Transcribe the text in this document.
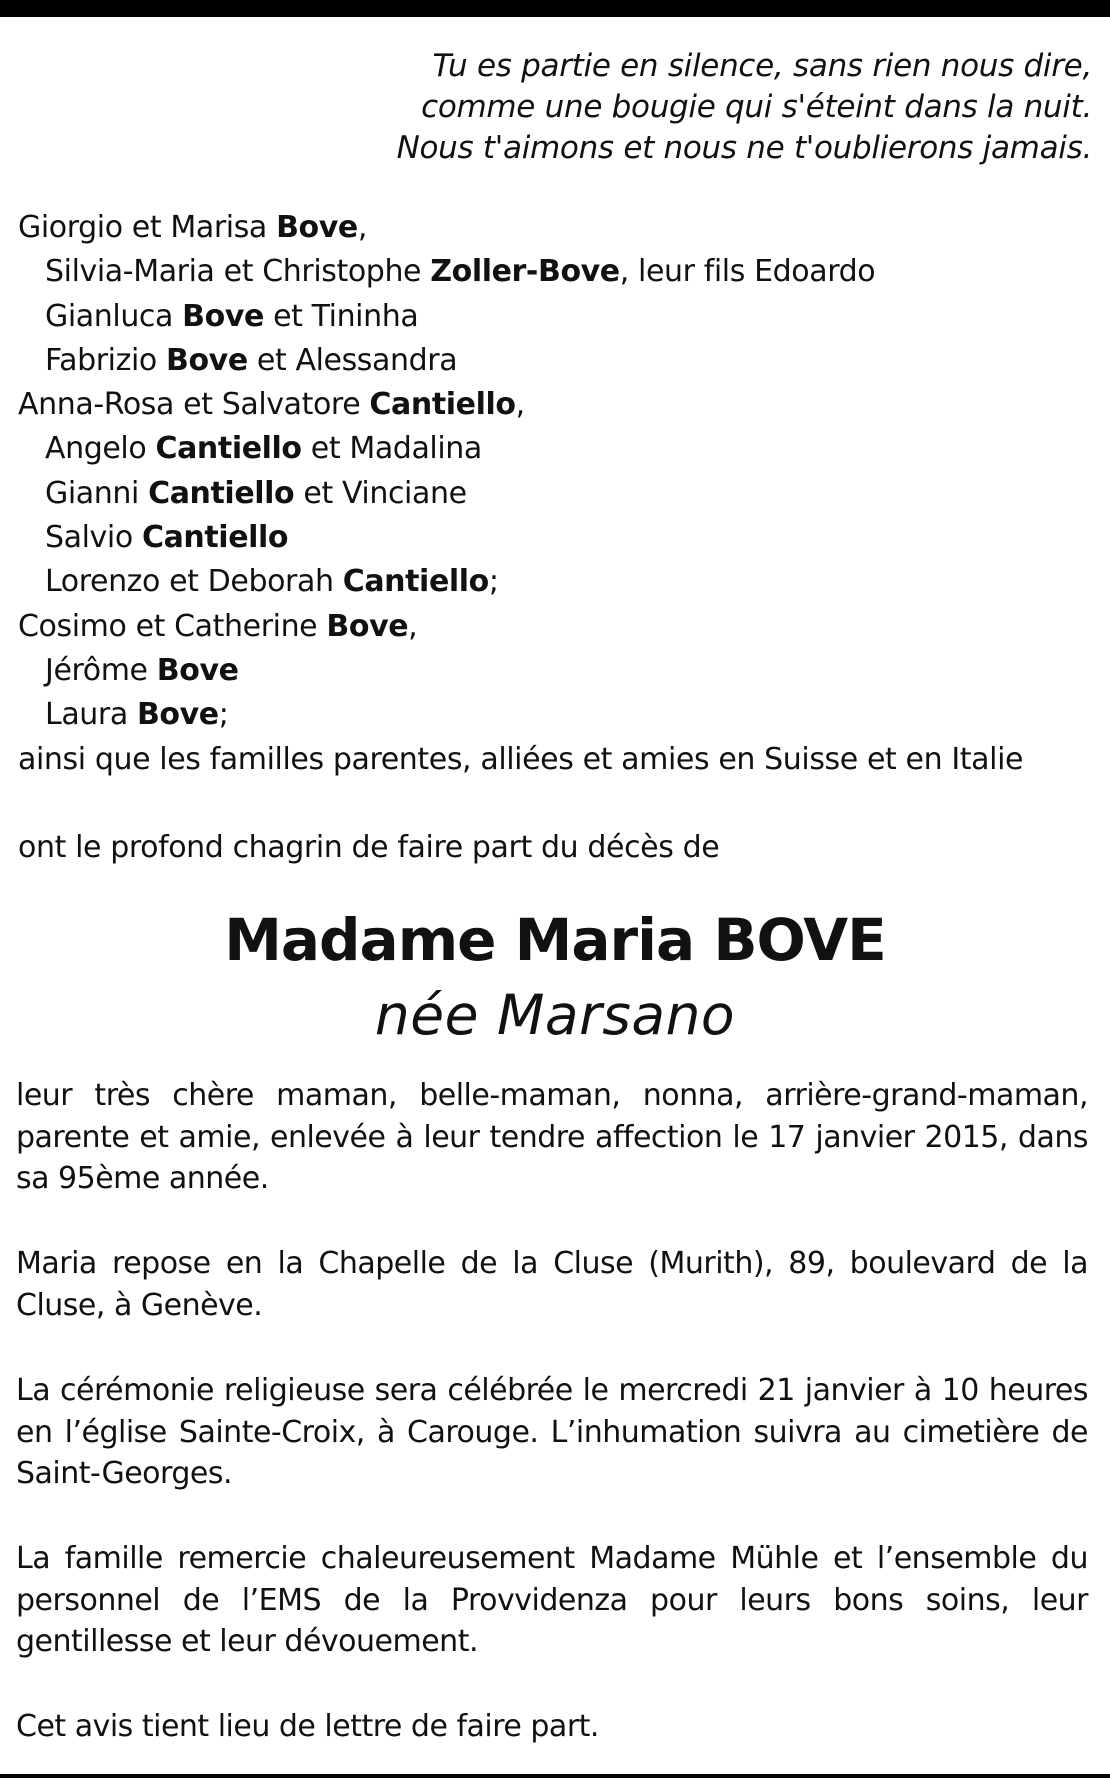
Tu es partie en silence, sans rien nous dire,
comme une bougie qui s'éteint dans la nuit.
Nous t'aimons et nous ne t'oublierons jamais.
Giorgio et Marisa Bove,
Silvia-Maria et Christophe Zoller-Bove, leur fils Edoardo
Gianluca Bove et Tininha
Fabrizio Bove et Alessandra
Anna-Rosa et Salvatore Cantiello,
Angelo Cantiello et Madalina
Gianni Cantiello et Vinciane
Salvio Cantiello
Lorenzo et Deborah Cantiello;
Cosimo et Catherine Bove,
Jérôme Bove
Laura Bove;
ainsi que les familles parentes, alliées et amies en Suisse et en Italie
ont le profond chagrin de faire part du décès de
Madame Maria BOVE
née Marsano
leur très chère maman, belle-maman, nonna, arrière-grand-maman, parente et amie, enlevée à leur tendre affection le 17 janvier 2015, dans sa 95ème année.
Maria repose en la Chapelle de la Cluse (Murith), 89, boulevard de la Cluse, à Genève.
La cérémonie religieuse sera célébrée le mercredi 21 janvier à 10 heures en l’église Sainte-Croix, à Carouge. L’inhumation suivra au cimetière de Saint-Georges.
La famille remercie chaleureusement Madame Mühle et l’ensemble du personnel de l’EMS de la Provvidenza pour leurs bons soins, leur gentillesse et leur dévouement.
Cet avis tient lieu de lettre de faire part.
